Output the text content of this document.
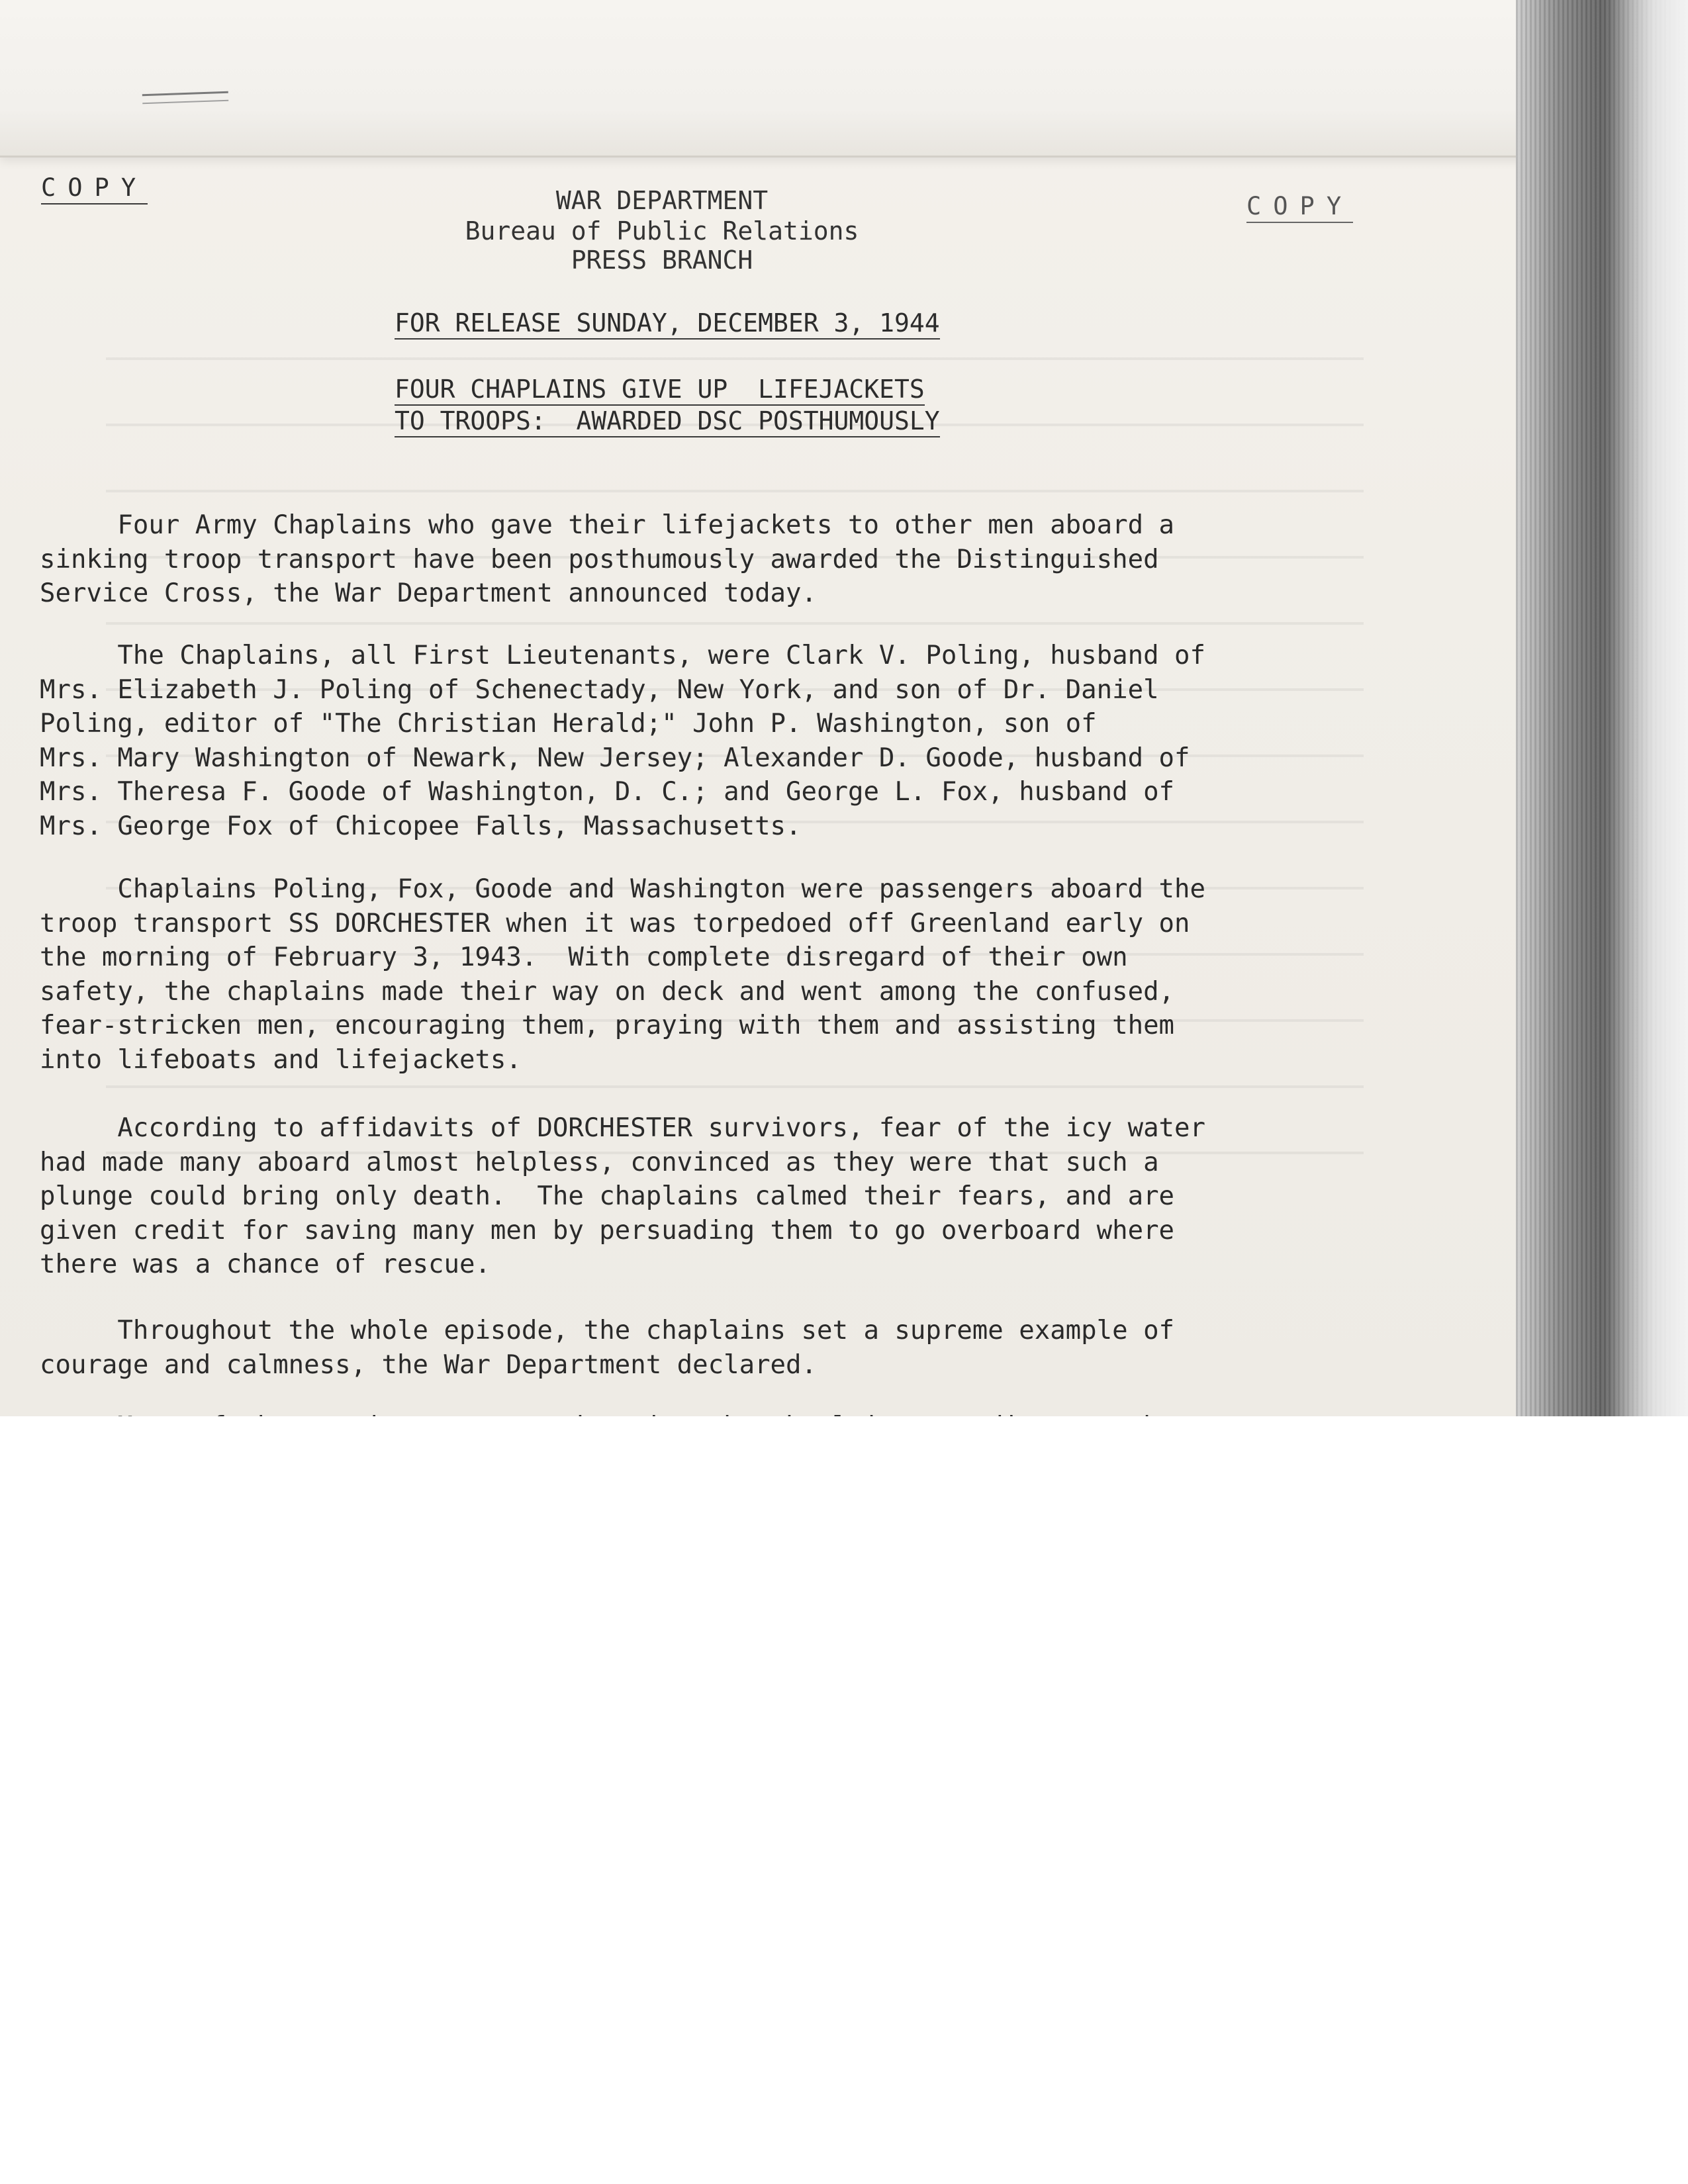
COPY
COPY
WAR DEPARTMENT
Bureau of Public Relations
PRESS BRANCH
FOR RELEASE SUNDAY, DECEMBER 3, 1944
FOUR CHAPLAINS GIVE UP  LIFEJACKETS
TO TROOPS:  AWARDED DSC POSTHUMOUSLY

Four Army Chaplains who gave their lifejackets to other men aboard a
sinking troop transport have been posthumously awarded the Distinguished
Service Cross, the War Department announced today.

The Chaplains, all First Lieutenants, were Clark V. Poling, husband of
Mrs. Elizabeth J. Poling of Schenectady, New York, and son of Dr. Daniel
Poling, editor of "The Christian Herald;" John P. Washington, son of
Mrs. Mary Washington of Newark, New Jersey; Alexander D. Goode, husband of
Mrs. Theresa F. Goode of Washington, D. C.; and George L. Fox, husband of
Mrs. George Fox of Chicopee Falls, Massachusetts.

Chaplains Poling, Fox, Goode and Washington were passengers aboard the
troop transport SS DORCHESTER when it was torpedoed off Greenland early on
the morning of February 3, 1943.  With complete disregard of their own
safety, the chaplains made their way on deck and went among the confused,
fear-stricken men, encouraging them, praying with them and assisting them
into lifeboats and lifejackets.

According to affidavits of DORCHESTER survivors, fear of the icy water
had made many aboard almost helpless, convinced as they were that such a
plunge could bring only death.  The chaplains calmed their fears, and are
given credit for saving many men by persuading them to go overboard where
there was a chance of rescue.

Throughout the whole episode, the chaplains set a supreme example of
courage and calmness, the War Department declared.
